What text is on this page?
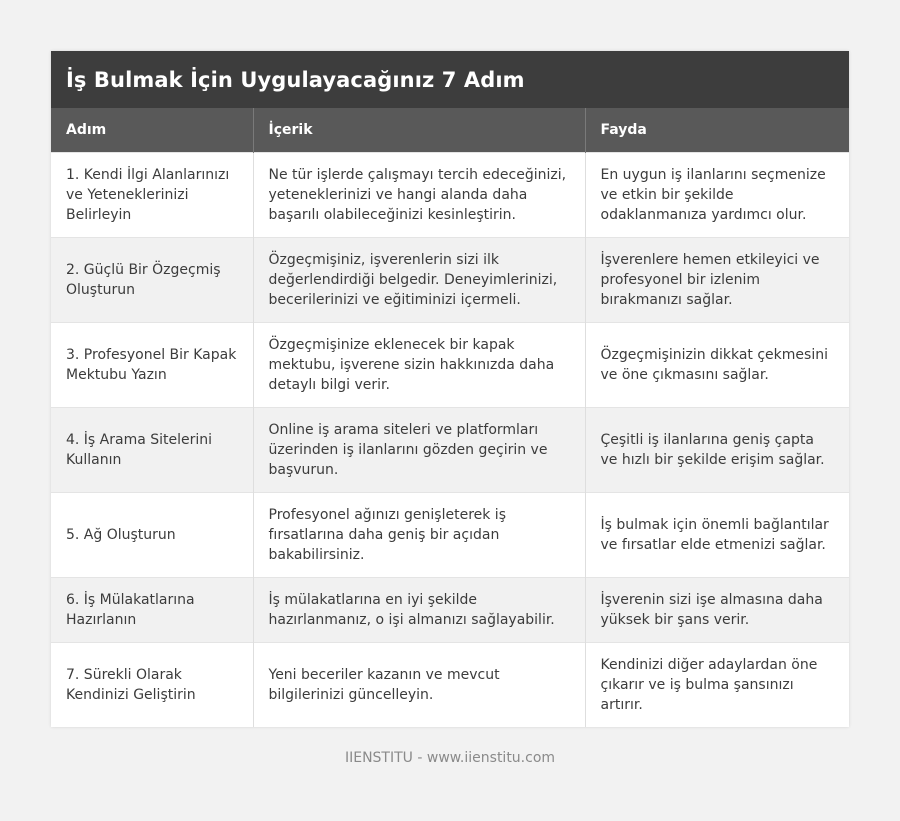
İş Bulmak İçin Uygulayacağınız 7 Adım
Adım	İçerik	Fayda
1. Kendi İlgi Alanlarınızı ve Yeteneklerinizi Belirleyin	Ne tür işlerde çalışmayı tercih edeceğinizi, yeteneklerinizi ve hangi alanda daha başarılı olabileceğinizi kesinleştirin.	En uygun iş ilanlarını seçmenize ve etkin bir şekilde odaklanmanıza yardımcı olur.
2. Güçlü Bir Özgeçmiş Oluşturun	Özgeçmişiniz, işverenlerin sizi ilk değerlendirdiği belgedir. Deneyimlerinizi, becerilerinizi ve eğitiminizi içermeli.	İşverenlere hemen etkileyici ve profesyonel bir izlenim bırakmanızı sağlar.
3. Profesyonel Bir Kapak Mektubu Yazın	Özgeçmişinize eklenecek bir kapak mektubu, işverene sizin hakkınızda daha detaylı bilgi verir.	Özgeçmişinizin dikkat çekmesini ve öne çıkmasını sağlar.
4. İş Arama Sitelerini Kullanın	Online iş arama siteleri ve platformları üzerinden iş ilanlarını gözden geçirin ve başvurun.	Çeşitli iş ilanlarına geniş çapta ve hızlı bir şekilde erişim sağlar.
5. Ağ Oluşturun	Profesyonel ağınızı genişleterek iş fırsatlarına daha geniş bir açıdan bakabilirsiniz.	İş bulmak için önemli bağlantılar ve fırsatlar elde etmenizi sağlar.
6. İş Mülakatlarına Hazırlanın	İş mülakatlarına en iyi şekilde hazırlanmanız, o işi almanızı sağlayabilir.	İşverenin sizi işe almasına daha yüksek bir şans verir.
7. Sürekli Olarak Kendinizi Geliştirin	Yeni beceriler kazanın ve mevcut bilgilerinizi güncelleyin.	Kendinizi diğer adaylardan öne çıkarır ve iş bulma şansınızı artırır.
IIENSTITU - www.iienstitu.com
